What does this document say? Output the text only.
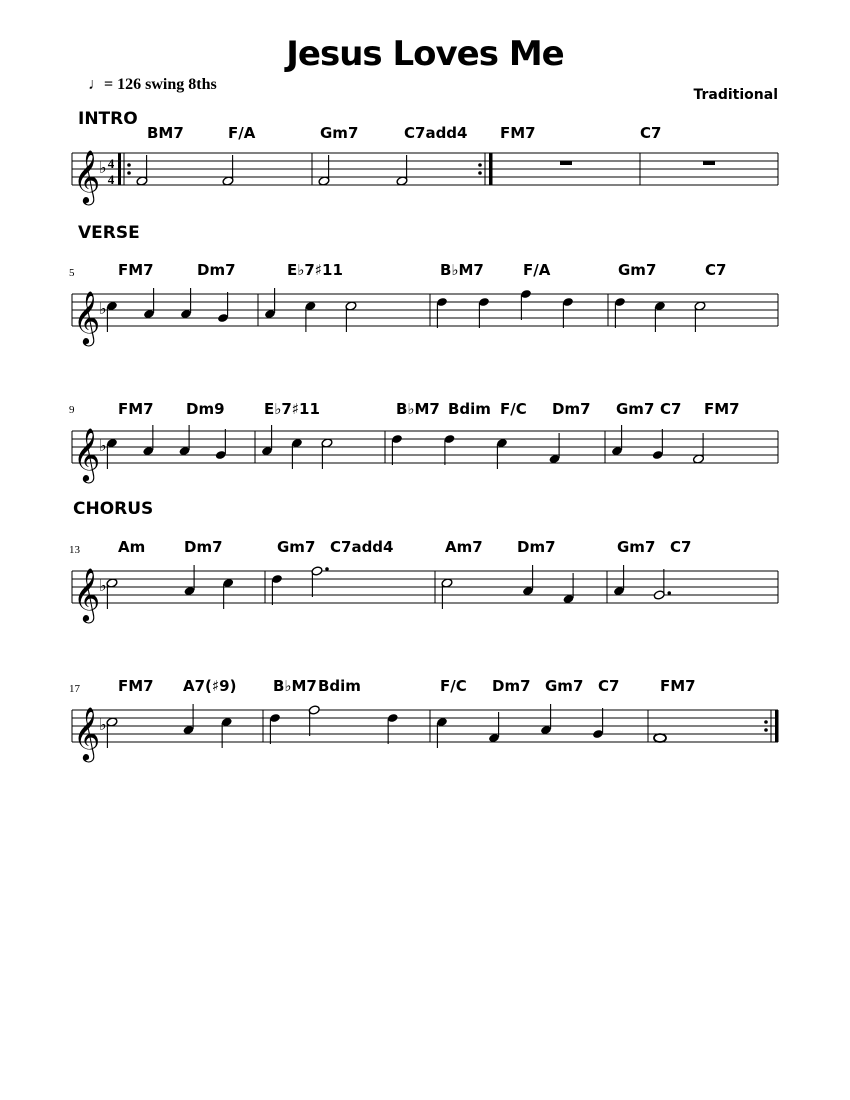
Jesus Loves Me
♩= 126 swing 8ths
Traditional
INTRO
𝄞
♭ 4
4
BM7	F/A	Gm7	C7add4 FM7	C7
VERSE
5
𝄞
♭
FM7	Dm7	E♭7♯11	B♭M7	F/A	Gm7	C7
9
𝄞
♭
FM7 Dm9	E♭7♯11	B♭M7 Bdim F/C Dm7 Gm7 C7 FM7
CHORUS
13
𝄞
♭
Am	Dm7	Gm7 C7add4	Am7 Dm7	Gm7 C7
17
𝄞
♭
FM7 A7(♯9) B♭M7 Bdim	F/C Dm7 Gm7 C7	FM7
